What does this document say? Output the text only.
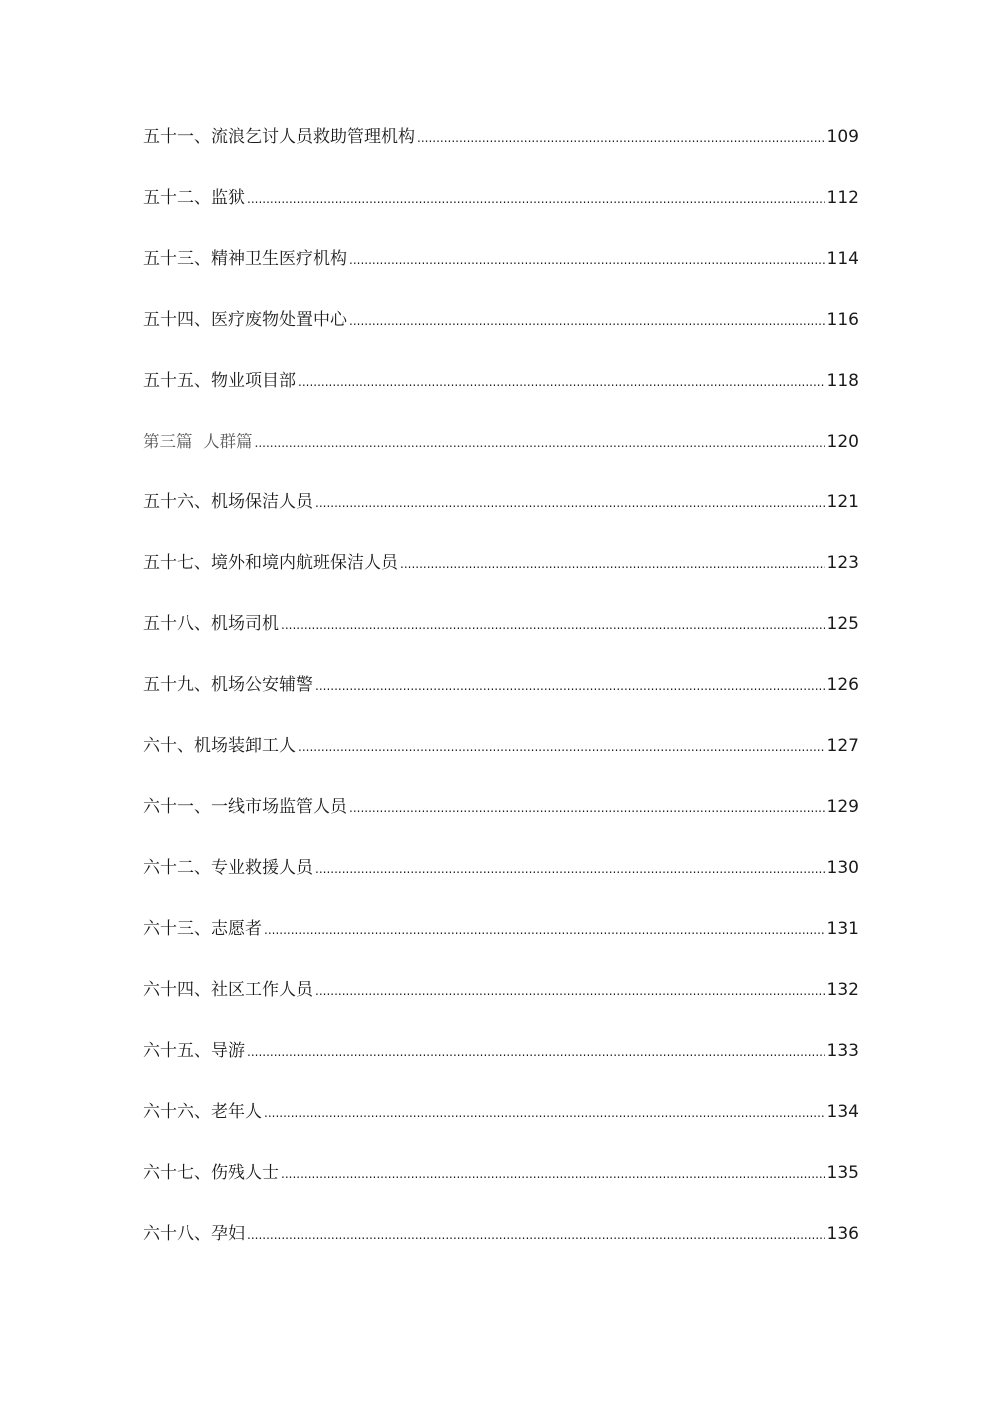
五十一、流浪乞讨人员救助管理机构 .....	109
五十二、监狱 .....	112
五十三、精神卫生医疗机构 .....	114
五十四、医疗废物处置中心 .....	116
五十五、物业项目部 .....	118
第三篇  人群篇 .....	120
五十六、机场保洁人员 .....	121
五十七、境外和境内航班保洁人员 .....	123
五十八、机场司机 .....	125
五十九、机场公安辅警 .....	126
六十、机场装卸工人 .....	127
六十一、一线市场监管人员 .....	129
六十二、专业救援人员 .....	130
六十三、志愿者 .....	131
六十四、社区工作人员 .....	132
六十五、导游 .....	133
六十六、老年人 .....	134
六十七、伤残人士 .....	135
六十八、孕妇 .....	136
